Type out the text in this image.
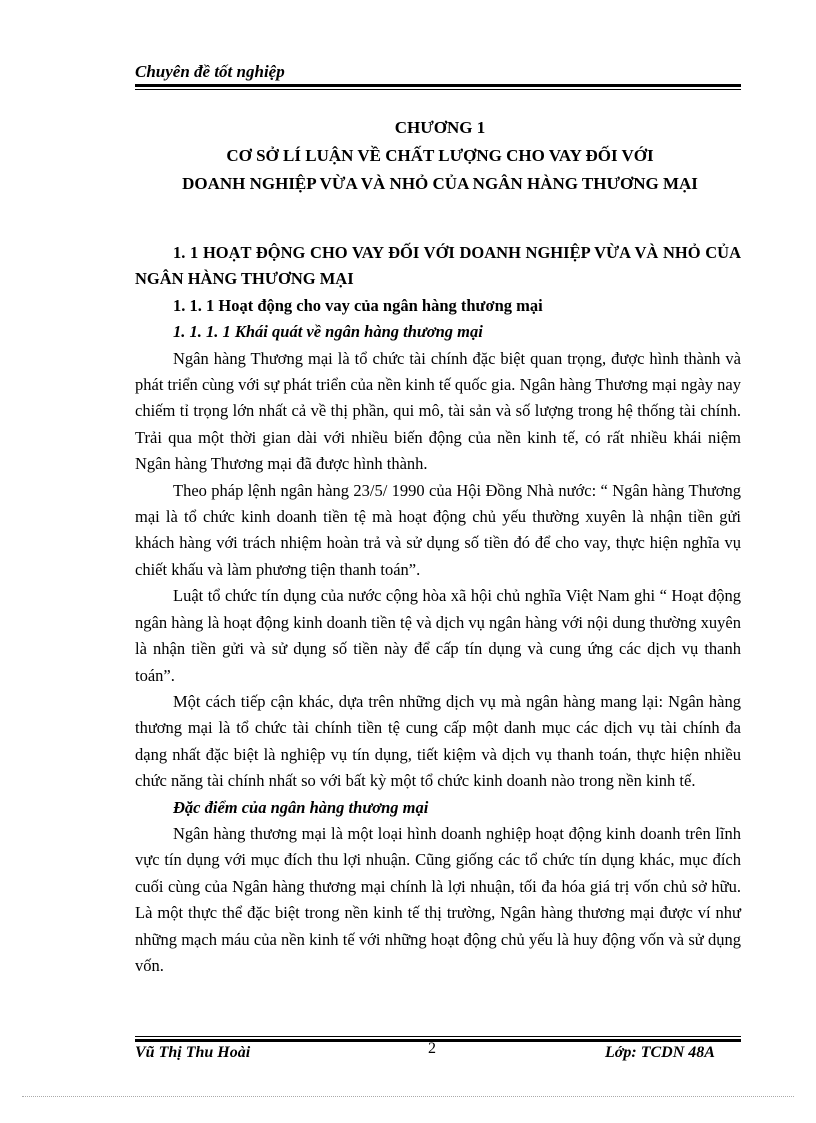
Chuyên đề tốt nghiệp
CHƯƠNG 1
CƠ SỞ LÍ LUẬN VỀ CHẤT LƯỢNG CHO VAY ĐỐI VỚI
DOANH NGHIỆP VỪA VÀ NHỎ CỦA NGÂN HÀNG THƯƠNG MẠI
1. 1 HOẠT ĐỘNG CHO VAY ĐỐI VỚI DOANH NGHIỆP VỪA VÀ NHỎ CỦA NGÂN HÀNG THƯƠNG MẠI
1. 1. 1 Hoạt động cho vay của ngân hàng thương mại
1. 1. 1. 1 Khái quát về ngân hàng thương mại
Ngân hàng Thương mại là tổ chức tài chính đặc biệt quan trọng, được hình thành và phát triển cùng với sự phát triển của nền kinh tế quốc gia. Ngân hàng Thương mại ngày nay chiếm tỉ trọng lớn nhất cả về thị phần, qui mô, tài sản và số lượng trong hệ thống tài chính. Trải qua một thời gian dài với nhiều biến động của nền kinh tế, có rất nhiều khái niệm Ngân hàng Thương mại đã được hình thành.
Theo pháp lệnh ngân hàng 23/5/ 1990 của Hội Đồng Nhà nước: “ Ngân hàng Thương mại là tổ chức kinh doanh tiền tệ mà hoạt động chủ yếu thường xuyên là nhận tiền gửi khách hàng với trách nhiệm hoàn trả và sử dụng số tiền đó để cho vay, thực hiện nghĩa vụ chiết khấu và làm phương tiện thanh toán”.
Luật tổ chức tín dụng của nước cộng hòa xã hội chủ nghĩa Việt Nam ghi “ Hoạt động ngân hàng là hoạt động kinh doanh tiền tệ và dịch vụ ngân hàng với nội dung thường xuyên là nhận tiền gửi và sử dụng số tiền này để cấp tín dụng và cung ứng các dịch vụ thanh toán”.
Một cách tiếp cận khác, dựa trên những dịch vụ mà ngân hàng mang lại: Ngân hàng thương mại là tổ chức tài chính tiền tệ cung cấp một danh mục các dịch vụ tài chính đa dạng nhất đặc biệt là nghiệp vụ tín dụng, tiết kiệm và dịch vụ thanh toán, thực hiện nhiều chức năng tài chính nhất so với bất kỳ một tổ chức kinh doanh nào trong nền kinh tế.
Đặc điểm của ngân hàng thương mại
Ngân hàng thương mại là một loại hình doanh nghiệp hoạt động kinh doanh trên lĩnh vực tín dụng với mục đích thu lợi nhuận. Cũng giống các tổ chức tín dụng khác, mục đích cuối cùng của Ngân hàng thương mại chính là lợi nhuận, tối đa hóa giá trị vốn chủ sở hữu. Là một thực thể đặc biệt trong nền kinh tế thị trường, Ngân hàng thương mại được ví như những mạch máu của nền kinh tế với những hoạt động chủ yếu là huy động vốn và sử dụng vốn.
Vũ Thị Thu Hoài	2	Lớp: TCDN 48A
